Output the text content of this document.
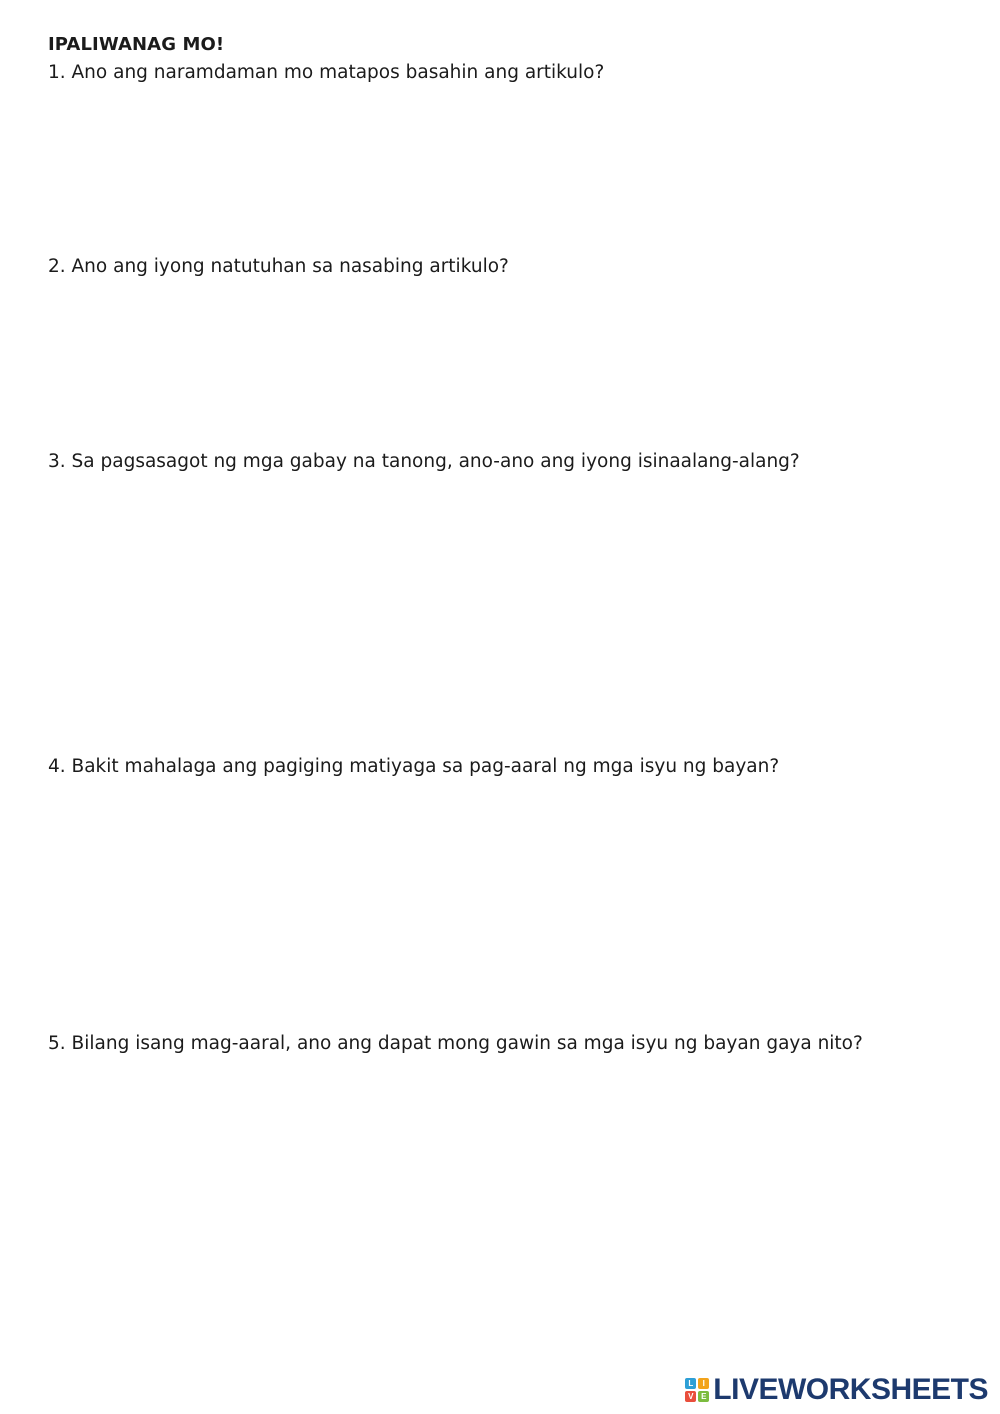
IPALIWANAG MO!
1. Ano ang naramdaman mo matapos basahin ang artikulo?
2. Ano ang iyong natutuhan sa nasabing artikulo?
3. Sa pagsasagot ng mga gabay na tanong, ano-ano ang iyong isinaalang-alang?
4. Bakit mahalaga ang pagiging matiyaga sa pag-aaral ng mga isyu ng bayan?
5. Bilang isang mag-aaral, ano ang dapat mong gawin sa mga isyu ng bayan gaya nito?
L	I
V E LIVEWORKSHEETS
